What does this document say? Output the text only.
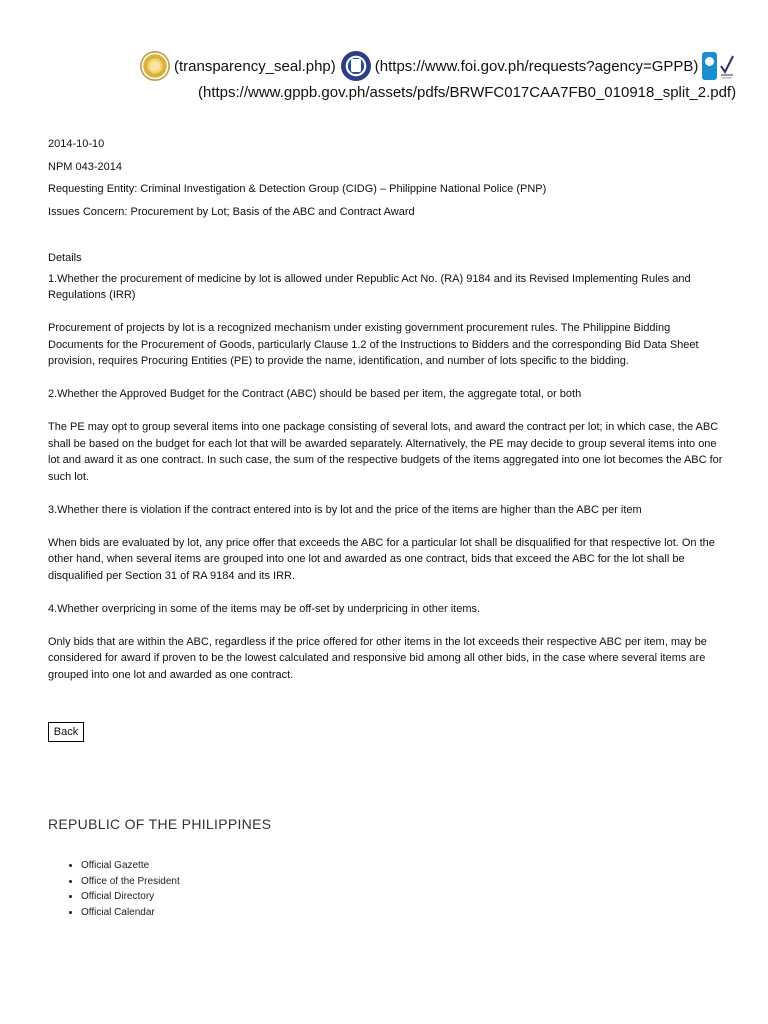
(transparency_seal.php)	(https://www.foi.gov.ph/requests?agency=GPPB)
(https://www.gppb.gov.ph/assets/pdfs/BRWFC017CAA7FB0_010918_split_2.pdf)

2014-10-10

NPM 043-2014

Requesting Entity: Criminal Investigation & Detection Group (CIDG) – Philippine National Police (PNP)

Issues Concern: Procurement by Lot; Basis of the ABC and Contract Award

Details

1.Whether the procurement of medicine by lot is allowed under Republic Act No. (RA) 9184 and its Revised Implementing Rules and Regulations (IRR)

Procurement of projects by lot is a recognized mechanism under existing government procurement rules. The Philippine Bidding Documents for the Procurement of Goods, particularly Clause 1.2 of the Instructions to Bidders and the corresponding Bid Data Sheet provision, requires Procuring Entities (PE) to provide the name, identification, and number of lots specific to the bidding.

2.Whether the Approved Budget for the Contract (ABC) should be based per item, the aggregate total, or both

The PE may opt to group several items into one package consisting of several lots, and award the contract per lot; in which case, the ABC shall be based on the budget for each lot that will be awarded separately. Alternatively, the PE may decide to group several items into one lot and award it as one contract. In such case, the sum of the respective budgets of the items aggregated into one lot becomes the ABC for such lot.

3.Whether there is violation if the contract entered into is by lot and the price of the items are higher than the ABC per item

When bids are evaluated by lot, any price offer that exceeds the ABC for a particular lot shall be disqualified for that respective lot. On the other hand, when several items are grouped into one lot and awarded as one contract, bids that exceed the ABC for the lot shall be disqualified per Section 31 of RA 9184 and its IRR.

4.Whether overpricing in some of the items may be off-set by underpricing in other items.

Only bids that are within the ABC, regardless if the price offered for other items in the lot exceeds their respective ABC per item, may be considered for award if proven to be the lowest calculated and responsive bid among all other bids, in the case where several items are grouped into one lot and awarded as one contract.

Back
REPUBLIC OF THE PHILIPPINES
• Official Gazette
• Office of the President
• Official Directory
• Official Calendar
